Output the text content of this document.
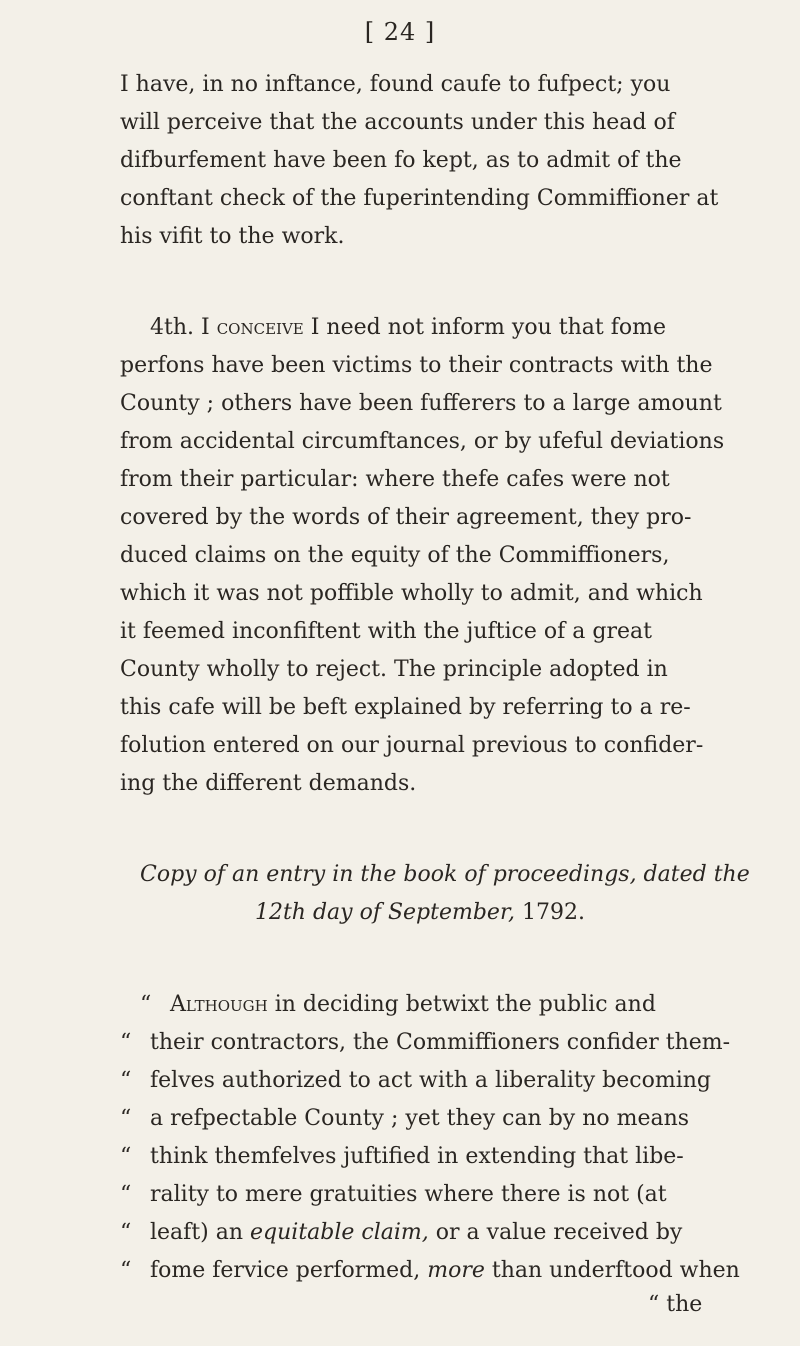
[ 24 ]
I have, in no inftance, found caufe to fufpect; you
will perceive that the accounts under this head of
difburfement have been fo kept, as to admit of the
conftant check of the fuperintending Commiffioner at
his vifit to the work.
4th. I conceive I need not inform you that fome
perfons have been victims to their contracts with the
County ; others have been fufferers to a large amount
from accidental circumftances, or by ufeful deviations
from their particular: where thefe cafes were not
covered by the words of their agreement, they pro-
duced claims on the equity of the Commiffioners,
which it was not poffible wholly to admit, and which
it feemed inconfiftent with the juftice of a great
County wholly to reject. The principle adopted in
this cafe will be beft explained by referring to a re-
folution entered on our journal previous to confider-
ing the different demands.
Copy of an entry in the book of proceedings, dated the
12th day of September, 1792.
“ Although in deciding betwixt the public and
“ their contractors, the Commiffioners confider them-
“ felves authorized to act with a liberality becoming
“ a refpectable County ; yet they can by no means
“ think themfelves juftified in extending that libe-
“ rality to mere gratuities where there is not (at
“ leaft) an equitable claim, or a value received by
“ fome fervice performed, more than underftood when
“ the
